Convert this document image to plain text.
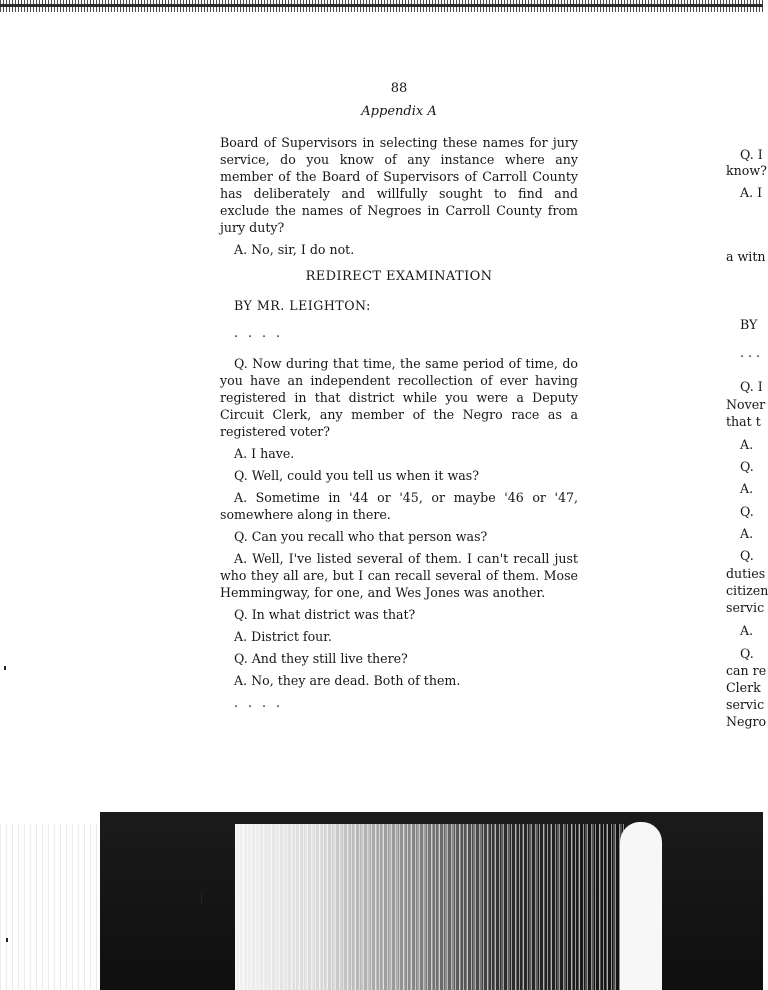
88
Appendix A

Board of Supervisors in selecting these names for jury service, do you know of any instance where any member of the Board of Supervisors of Carroll County has deliberately and willfully sought to find and exclude the names of Negroes in Carroll County from jury duty?

A. No, sir, I do not.

REDIRECT EXAMINATION
BY MR. LEIGHTON:
. . . .

Q. Now during that time, the same period of time, do you have an independent recollection of ever having registered in that district while you were a Deputy Circuit Clerk, any member of the Negro race as a registered voter?

A. I have.

Q. Well, could you tell us when it was?

A. Sometime in '44 or '45, or maybe '46 or '47, somewhere along in there.

Q. Can you recall who that person was?

A. Well, I've listed several of them. I can't recall just who they all are, but I can recall several of them. Mose Hemmingway, for one, and Wes Jones was another.

Q. In what district was that?

A. District four.

Q. And they still live there?

A. No, they are dead. Both of them.

. . . .
Q. I
know?
A. I
a witn
BY
. . .
Q. I
Nover
that t
A.
Q.
A.
Q.
A.
Q.
duties
citizen
servic
A.
Q.
can re
Clerk
servic
Negro
